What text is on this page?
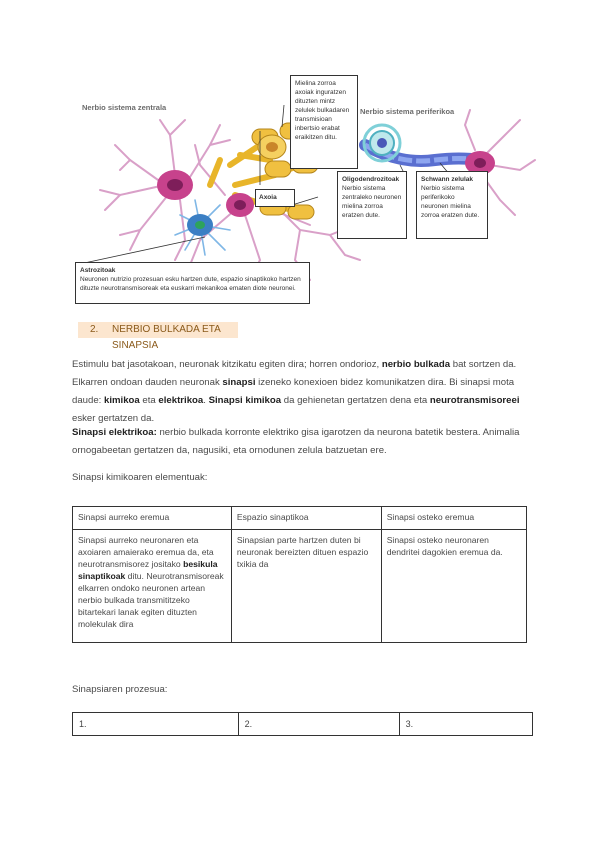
Nerbio sistema zentrala	Nerbio sistema periferikoa
Mielina zorroa axoiak inguratzen dituzten mintz zelulek bulkadaren transmisioan inbertsio erabat eraikitzen ditu.
Axoia
Oligodendrozitoak
Nerbio sistema zentraleko neuronen mielina zorroa eratzen dute.
Schwann zelulak
Nerbio sistema periferikoko neuronen mielina zorroa eratzen dute.
Astrozitoak
Neuronen nutrizio prozesuan esku hartzen dute, espazio sinaptikoko hartzen dituzte neurotransmisoreak eta euskarri mekanikoa ematen diote neuronei.
2. NERBIO BULKADA ETA SINAPSIA
Estimulu bat jasotakoan, neuronak kitzikatu egiten dira; horren ondorioz, nerbio bulkada bat sortzen da. Elkarren ondoan dauden neuronak sinapsi izeneko konexioen bidez komunikatzen dira. Bi sinapsi mota daude: kimikoa eta elektrikoa. Sinapsi kimikoa da gehienetan gertatzen dena eta neurotransmisoreei esker gertatzen da.
Sinapsi elektrikoa: nerbio bulkada korronte elektriko gisa igarotzen da neurona batetik bestera. Animalia ornogabeetan gertatzen da, nagusiki, eta ornodunen zelula batzuetan ere.
Sinapsi kimikoaren elementuak:
Sinapsi aurreko eremua	Espazio sinaptikoa	Sinapsi osteko eremua
Sinapsi aurreko neuronaren eta axoiaren amaierako eremua da, eta neurotransmisorez jositako besikula sinaptikoak ditu. Neurotransmisoreak elkarren ondoko neuronen artean nerbio bulkada transmititzeko bitartekari lanak egiten dituzten molekulak dira	Sinapsian parte hartzen duten bi neuronak bereizten dituen espazio txikia da	Sinapsi osteko neuronaren dendritei dagokien eremua da.
Sinapsiaren prozesua:
1.	2.	3.
